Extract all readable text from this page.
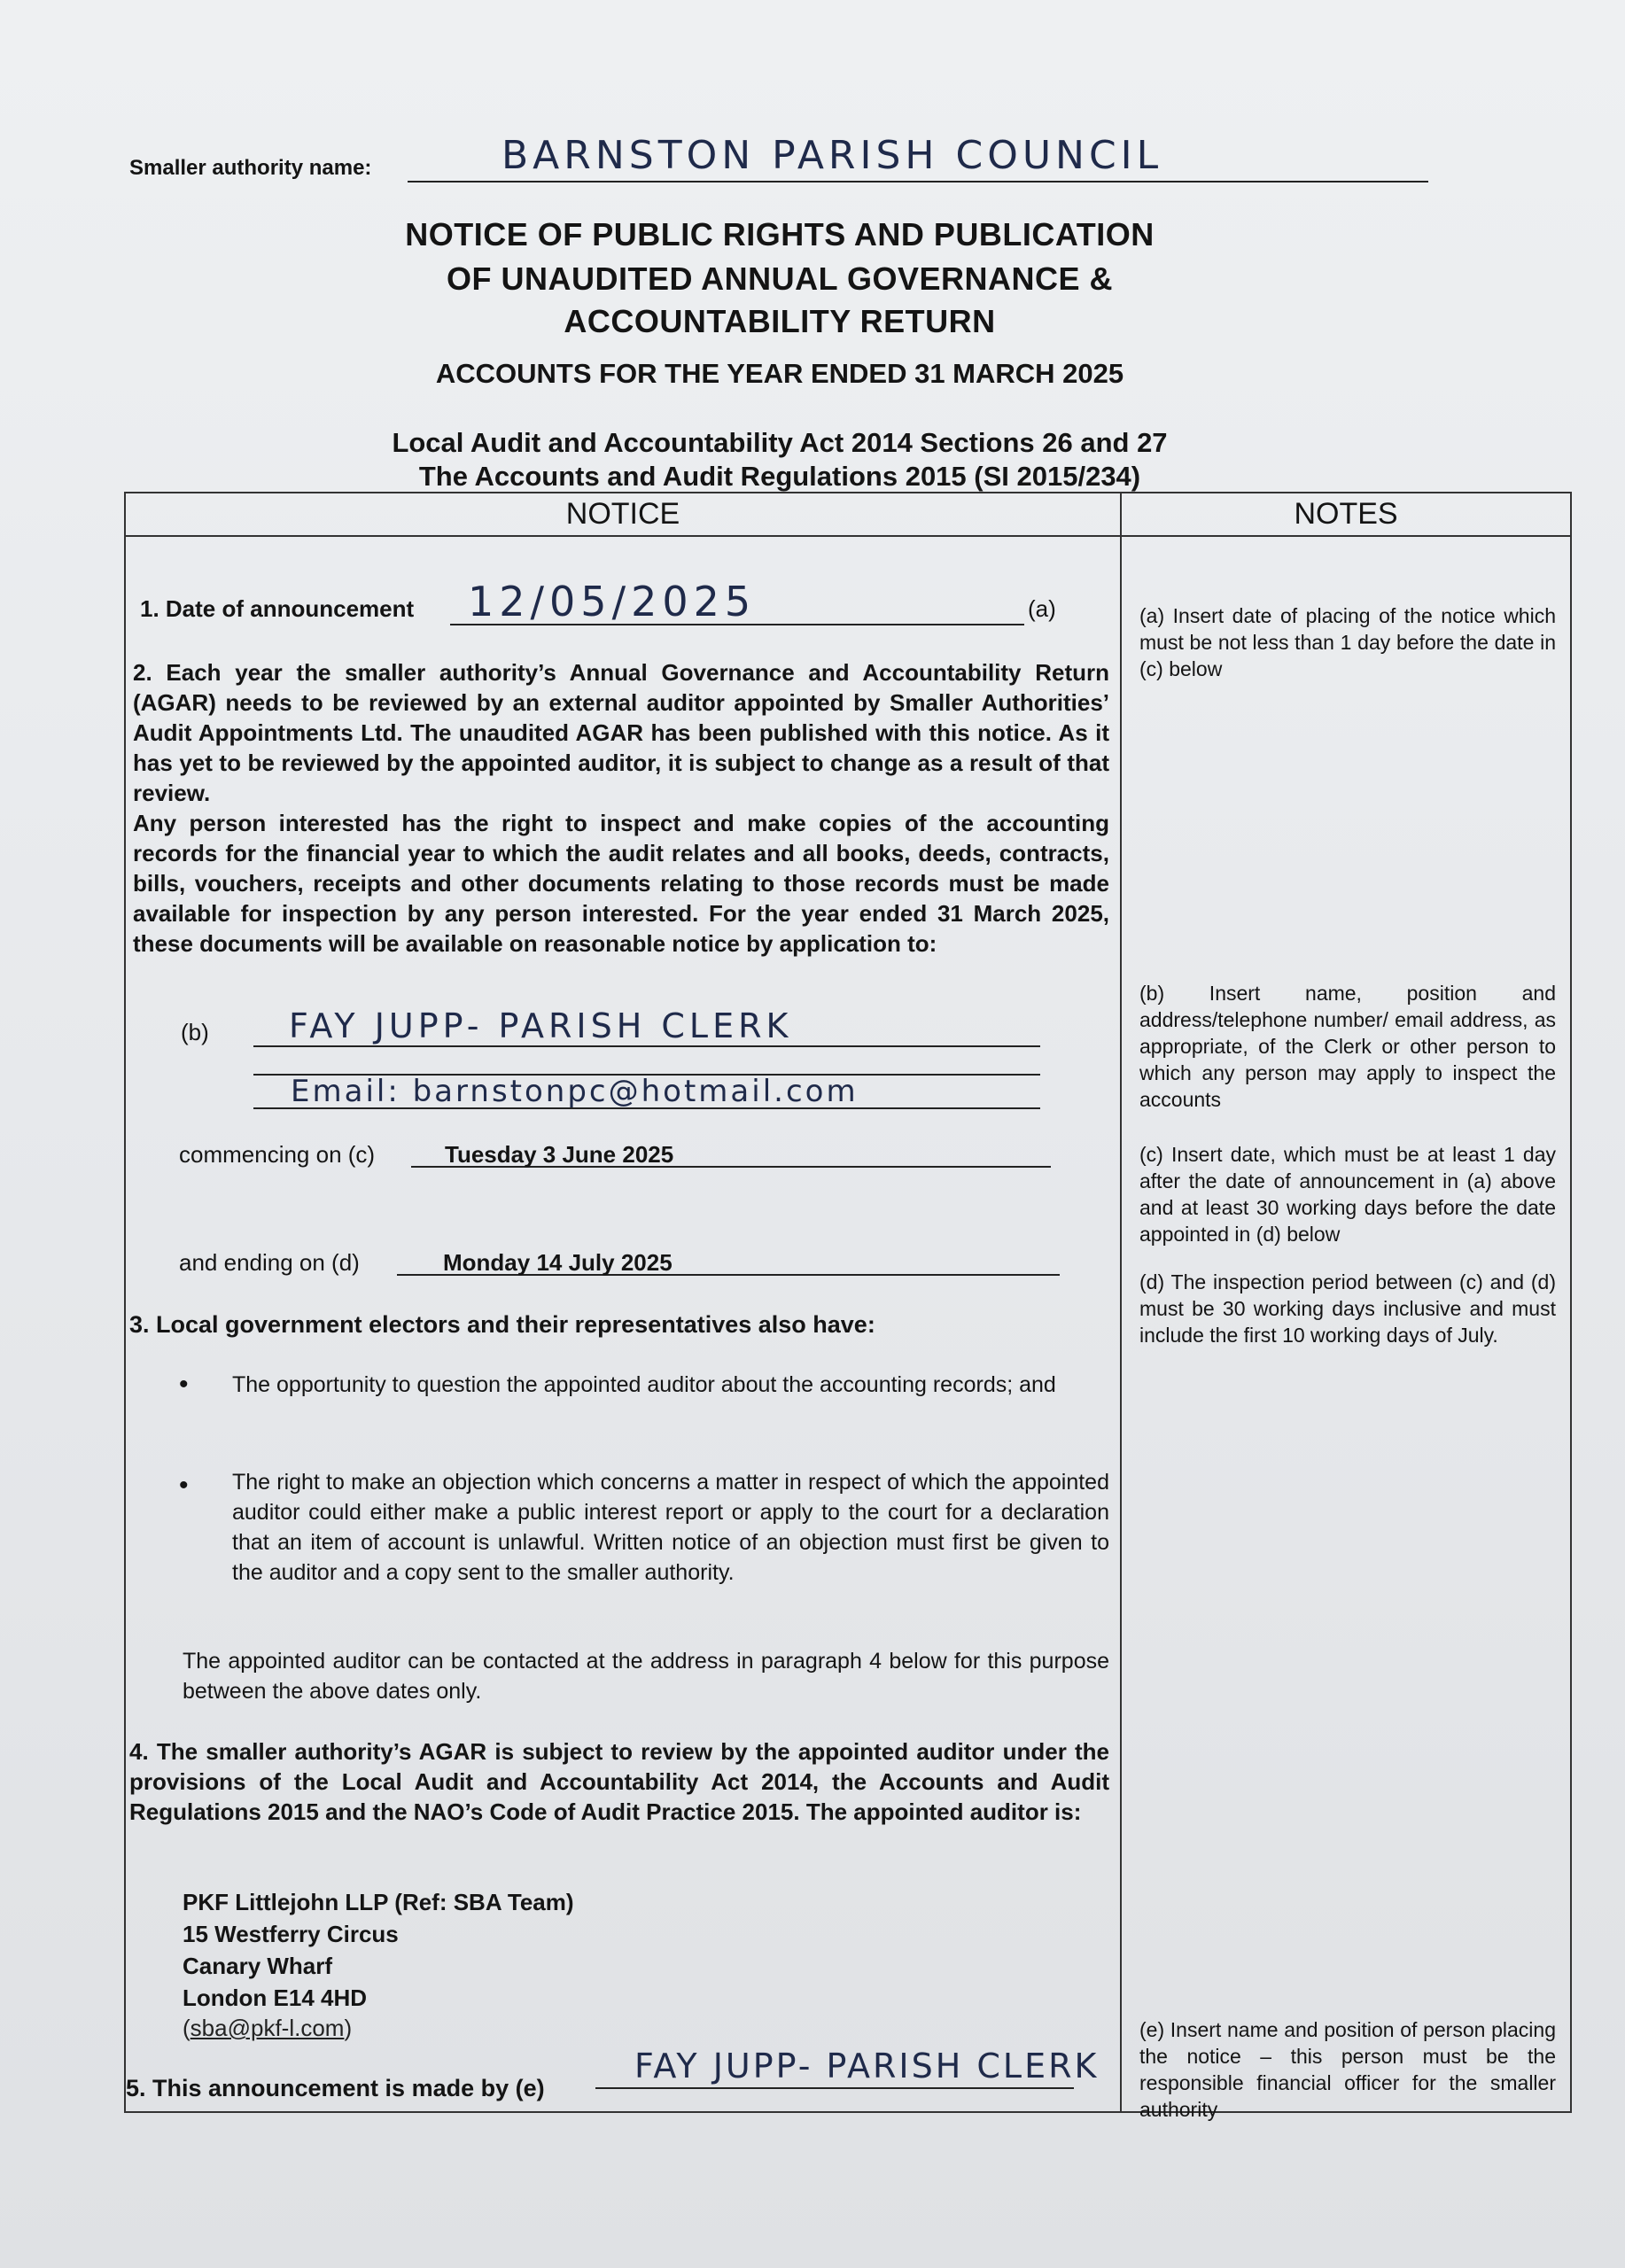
Smaller authority name:	BARNSTON PARISH COUNCIL
NOTICE OF PUBLIC RIGHTS AND PUBLICATION
OF UNAUDITED ANNUAL GOVERNANCE &
ACCOUNTABILITY RETURN
ACCOUNTS FOR THE YEAR ENDED 31 MARCH 2025
Local Audit and Accountability Act 2014 Sections 26 and 27
The Accounts and Audit Regulations 2015 (SI 2015/234)
NOTICE	NOTES
1. Date of announcement 12/05/2025	(a)
2. Each year the smaller authority’s Annual Governance and Accountability Return (AGAR) needs to be reviewed by an external auditor appointed by Smaller Authorities’ Audit Appointments Ltd. The unaudited AGAR has been published with this notice. As it has yet to be reviewed by the appointed auditor, it is subject to change as a result of that review.
Any person interested has the right to inspect and make copies of the accounting records for the financial year to which the audit relates and all books, deeds, contracts, bills, vouchers, receipts and other documents relating to those records must be made available for inspection by any person interested. For the year ended 31 March 2025, these documents will be available on reasonable notice by application to:
(b) FAY JUPP- PARISH CLERK
Email: barnstonpc@hotmail.com
commencing on (c)	Tuesday 3 June 2025
and ending on (d)	Monday 14 July 2025
3. Local government electors and their representatives also have:
• The opportunity to question the appointed auditor about the accounting records; and
• The right to make an objection which concerns a matter in respect of which the appointed auditor could either make a public interest report or apply to the court for a declaration that an item of account is unlawful. Written notice of an objection must first be given to the auditor and a copy sent to the smaller authority.
The appointed auditor can be contacted at the address in paragraph 4 below for this purpose between the above dates only.
4. The smaller authority’s AGAR is subject to review by the appointed auditor under the provisions of the Local Audit and Accountability Act 2014, the Accounts and Audit Regulations 2015 and the NAO’s Code of Audit Practice 2015. The appointed auditor is:
PKF Littlejohn LLP (Ref: SBA Team)
15 Westferry Circus
Canary Wharf
London E14 4HD
(sba@pkf-l.com)
5. This announcement is made by (e)
FAY JUPP- PARISH CLERK
(a) Insert date of placing of the notice which must be not less than 1 day before the date in (c) below
(b) Insert name, position and address/telephone number/ email address, as appropriate, of the Clerk or other person to which any person may apply to inspect the accounts
(c) Insert date, which must be at least 1 day after the date of announcement in (a) above and at least 30 working days before the date appointed in (d) below
(d) The inspection period between (c) and (d) must be 30 working days inclusive and must include the first 10 working days of July.
(e) Insert name and position of person placing the notice – this person must be the responsible financial officer for the smaller authority
